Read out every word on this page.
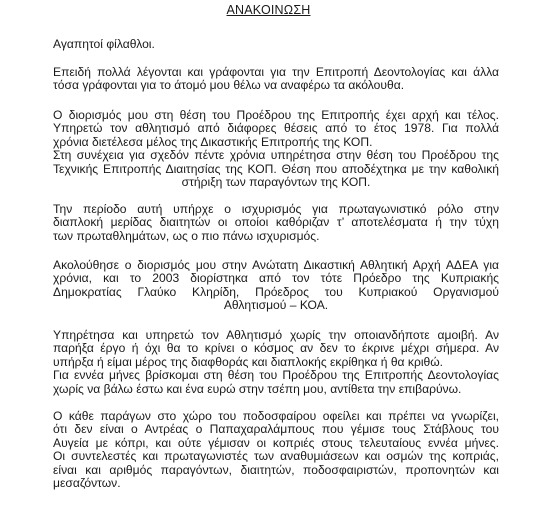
ΑΝΑΚΟΙΝΩΣΗ
Αγαπητοί φίλαθλοι.
Επειδή πολλά λέγονται και γράφονται για την Επιτροπή Δεοντολογίας και άλλα
τόσα γράφονται για το άτομό μου θέλω να αναφέρω τα ακόλουθα.
Ο διορισμός μου στη θέση του Προέδρου της Επιτροπής έχει αρχή και τέλος.
Υπηρετώ τον αθλητισμό από διάφορες θέσεις από το έτος 1978. Για πολλά
χρόνια διετέλεσα μέλος της Δικαστικής Επιτροπής της ΚΟΠ.
Στη συνέχεια για σχεδόν πέντε χρόνια υπηρέτησα στην θέση του Προέδρου της
Τεχνικής Επιτροπής Διαιτησίας της ΚΟΠ. Θέση που αποδέχτηκα με την καθολική
στήριξη των παραγόντων της ΚΟΠ.
Την περίοδο αυτή υπήρχε ο ισχυρισμός για πρωταγωνιστικό ρόλο στην
διαπλοκή μερίδας διαιτητών οι οποίοι καθόριζαν τ’ αποτελέσματα ή την τύχη
των πρωταθλημάτων, ως ο πιο πάνω ισχυρισμός.
Ακολούθησε ο διορισμός μου στην Ανώτατη Δικαστική Αθλητική Αρχή ΑΔΕΑ για
χρόνια, και το 2003 διορίστηκα από τον τότε Πρόεδρο της Κυπριακής
Δημοκρατίας Γλαύκο Κληρίδη, Πρόεδρος του Κυπριακού Οργανισμού
Αθλητισμού – ΚΟΑ.
Υπηρέτησα και υπηρετώ τον Αθλητισμό χωρίς την οποιανδήποτε αμοιβή. Αν
παρήξα έργο ή όχι θα το κρίνει ο κόσμος αν δεν το έκρινε μέχρι σήμερα. Αν
υπήρξα ή είμαι μέρος της διαφθοράς και διαπλοκής εκρίθηκα ή θα κριθώ.
Για εννέα μήνες βρίσκομαι στη θέση του Προέδρου της Επιτροπής Δεοντολογίας
χωρίς να βάλω έστω και ένα ευρώ στην τσέπη μου, αντίθετα την επιβαρύνω.
Ο κάθε παράγων στο χώρο του ποδοσφαίρου οφείλει και πρέπει να γνωρίζει,
ότι δεν είναι ο Αντρέας ο Παπαχαραλάμπους που γέμισε τους Στάβλους του
Αυγεία με κόπρι, και ούτε γέμισαν οι κοπριές στους τελευταίους εννέα μήνες.
Οι συντελεστές και πρωταγωνιστές των αναθυμιάσεων και οσμών της κοπριάς,
είναι και αριθμός παραγόντων, διαιτητών, ποδοσφαιριστών, προπονητών και
μεσαζόντων.
